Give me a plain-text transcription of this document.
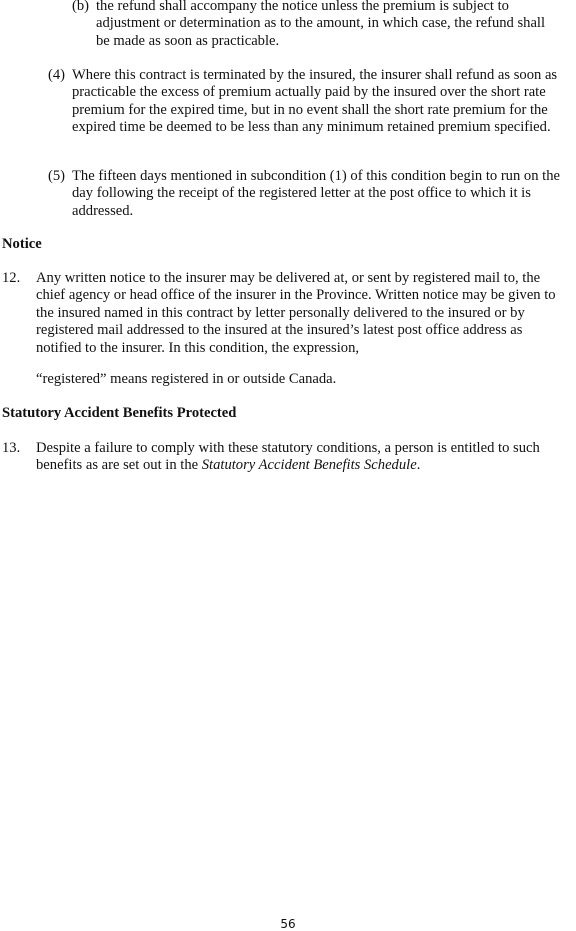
(b) the refund shall accompany the notice unless the premium is subject to adjustment or determination as to the amount, in which case, the refund shall be made as soon as practicable.
(4) Where this contract is terminated by the insured, the insurer shall refund as soon as practicable the excess of premium actually paid by the insured over the short rate premium for the expired time, but in no event shall the short rate premium for the expired time be deemed to be less than any minimum retained premium specified.
(5) The fifteen days mentioned in subcondition (1) of this condition begin to run on the day following the receipt of the registered letter at the post office to which it is addressed.
Notice
12.	Any written notice to the insurer may be delivered at, or sent by registered mail to, the chief agency or head office of the insurer in the Province. Written notice may be given to the insured named in this contract by letter personally delivered to the insured or by registered mail addressed to the insured at the insured’s latest post office address as notified to the insurer. In this condition, the expression,
“registered” means registered in or outside Canada.
Statutory Accident Benefits Protected
13.	Despite a failure to comply with these statutory conditions, a person is entitled to such benefits as are set out in the Statutory Accident Benefits Schedule.
56
